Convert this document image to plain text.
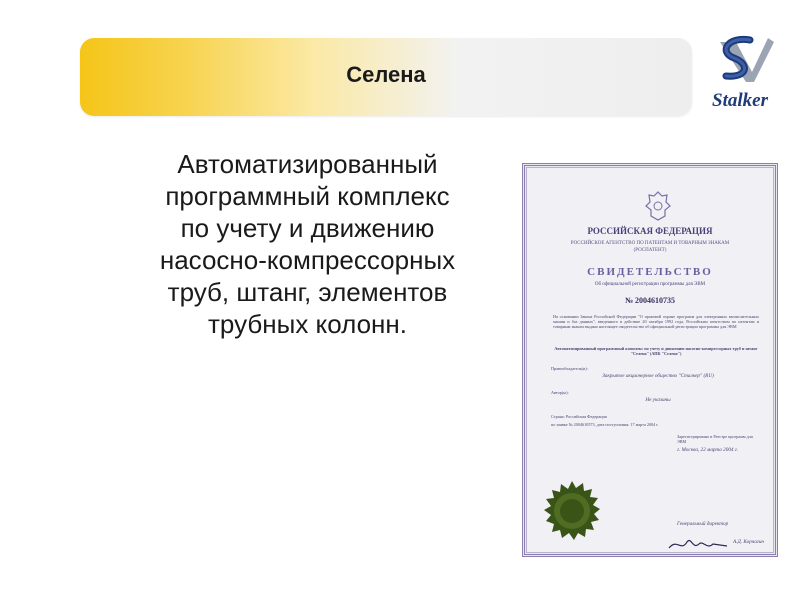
Селена
Stalker
Автоматизированный
программный комплекс
по учету и движению
насосно-компрессорных
труб, штанг, элементов
трубных колонн.
РОССИЙСКАЯ ФЕДЕРАЦИЯ
РОССИЙСКОЕ АГЕНТСТВО ПО ПАТЕНТАМ И ТОВАРНЫМ ЗНАКАМ (РОСПАТЕНТ)
СВИДЕТЕЛЬСТВО
Об официальной регистрации программы для ЭВМ
№ 2004610735
На основании Закона Российской Федерации "О правовой охране программ для электронных вычислительных машин и баз данных", введенного в действие 20 октября 1992 года, Российским агентством по патентам и товарным знакам выдано настоящее свидетельство об официальной регистрации программы для ЭВМ
Автоматизированный программный комплекс по учету и движению насосно-компрессорных труб и штанг "Селена" (АПК "Селена")
Правообладатель(и):
Закрытое акционерное общество "Сталкер" (RU)
Автор(ы):
Не указаны
Страна: Российская Федерация
по заявке № 2004610573, дата поступления: 17 марта 2004 г.
Зарегистрировано в Реестре программ для ЭВМ
г. Москва, 22 марта 2004 г.
Генеральный директор
А.Д. Корчагин
